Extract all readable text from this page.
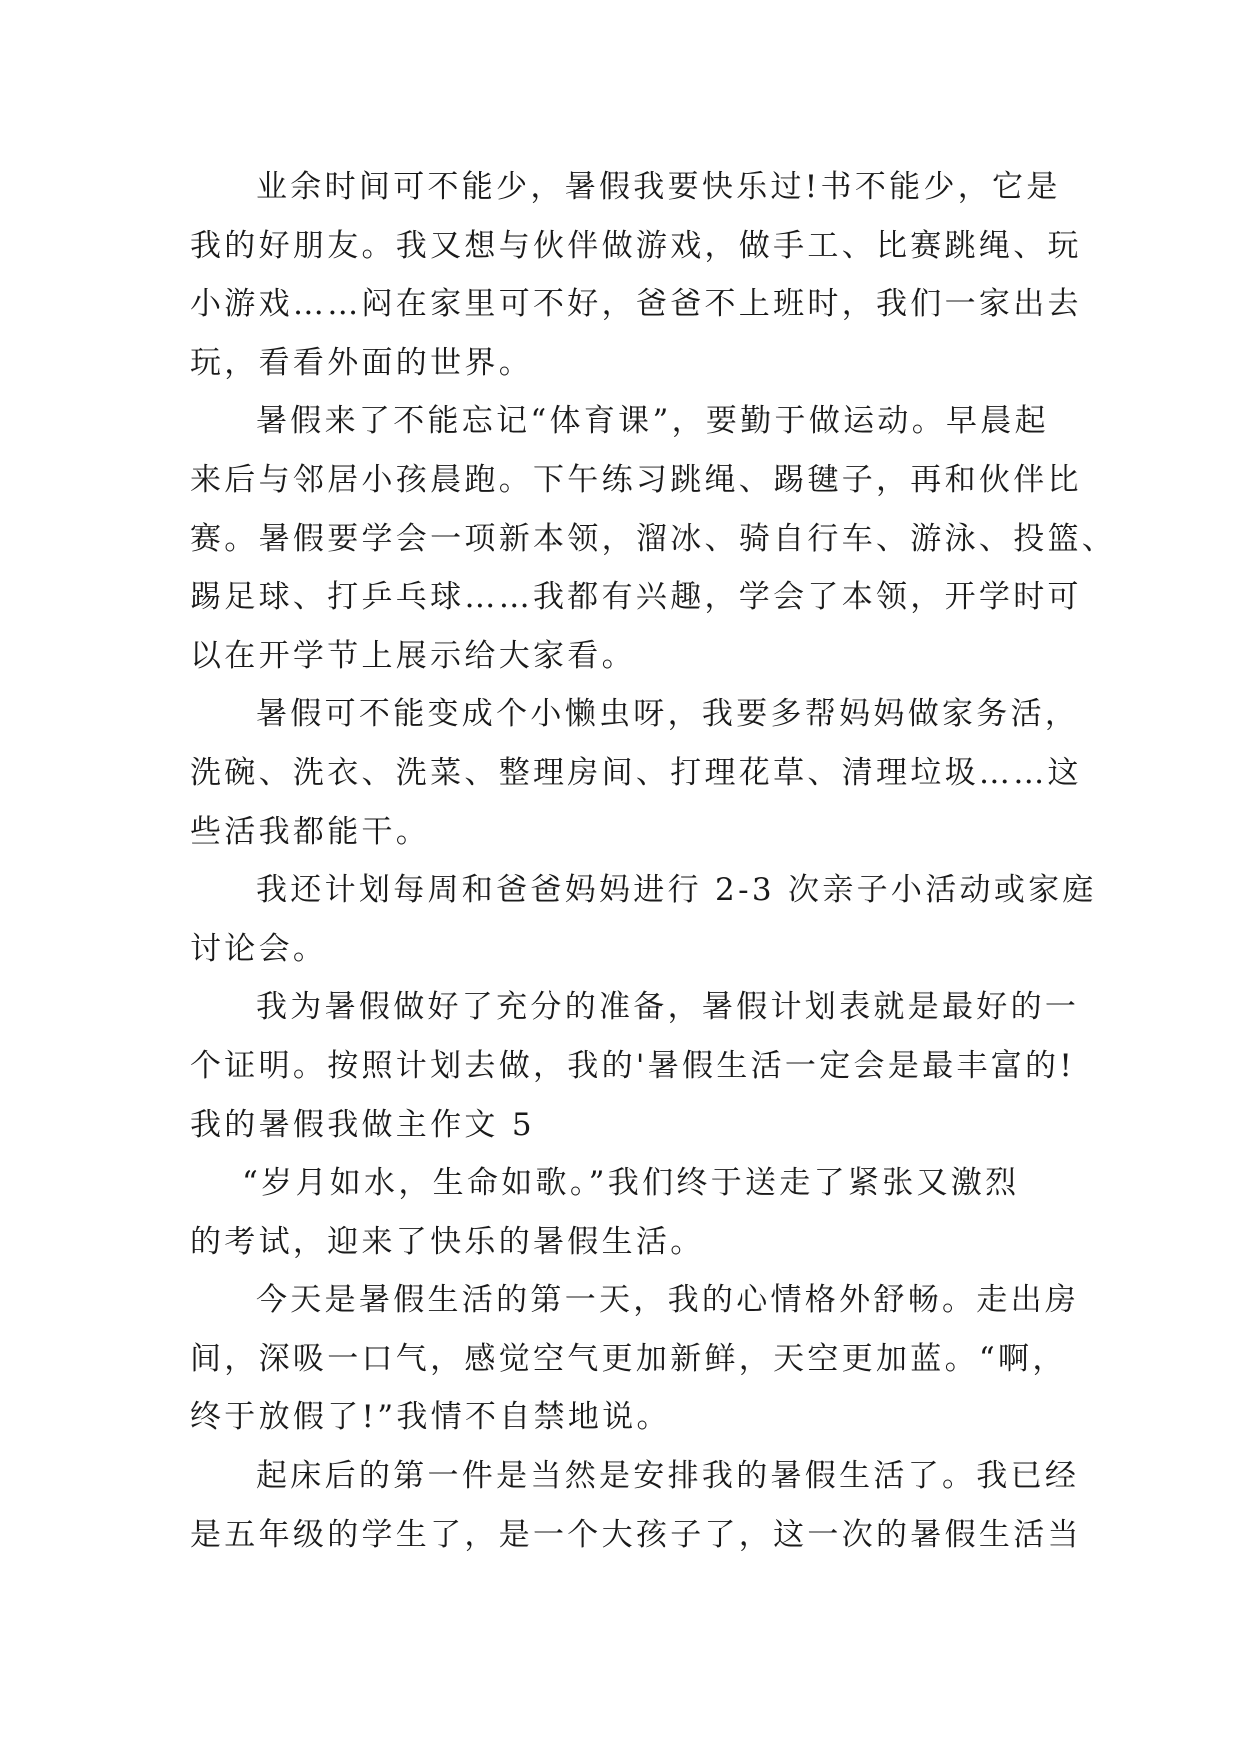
业余时间可不能少，暑假我要快乐过!书不能少，它是
我的好朋友。我又想与伙伴做游戏，做手工、比赛跳绳、玩
小游戏……闷在家里可不好，爸爸不上班时，我们一家出去
玩，看看外面的世界。

暑假来了不能忘记“体育课”，要勤于做运动。早晨起
来后与邻居小孩晨跑。下午练习跳绳、踢毽子，再和伙伴比
赛。暑假要学会一项新本领，溜冰、骑自行车、游泳、投篮、
踢足球、打乒乓球……我都有兴趣，学会了本领，开学时可
以在开学节上展示给大家看。

暑假可不能变成个小懒虫呀，我要多帮妈妈做家务活，
洗碗、洗衣、洗菜、整理房间、打理花草、清理垃圾……这
些活我都能干。

我还计划每周和爸爸妈妈进行 2-3 次亲子小活动或家庭
讨论会。

我为暑假做好了充分的准备，暑假计划表就是最好的一
个证明。按照计划去做，我的'暑假生活一定会是最丰富的!

我的暑假我做主作文 5

“岁月如水，生命如歌。”我们终于送走了紧张又激烈
的考试，迎来了快乐的暑假生活。

今天是暑假生活的第一天，我的心情格外舒畅。走出房
间，深吸一口气，感觉空气更加新鲜，天空更加蓝。“啊，
终于放假了!”我情不自禁地说。

起床后的第一件是当然是安排我的暑假生活了。我已经
是五年级的学生了，是一个大孩子了，这一次的暑假生活当
